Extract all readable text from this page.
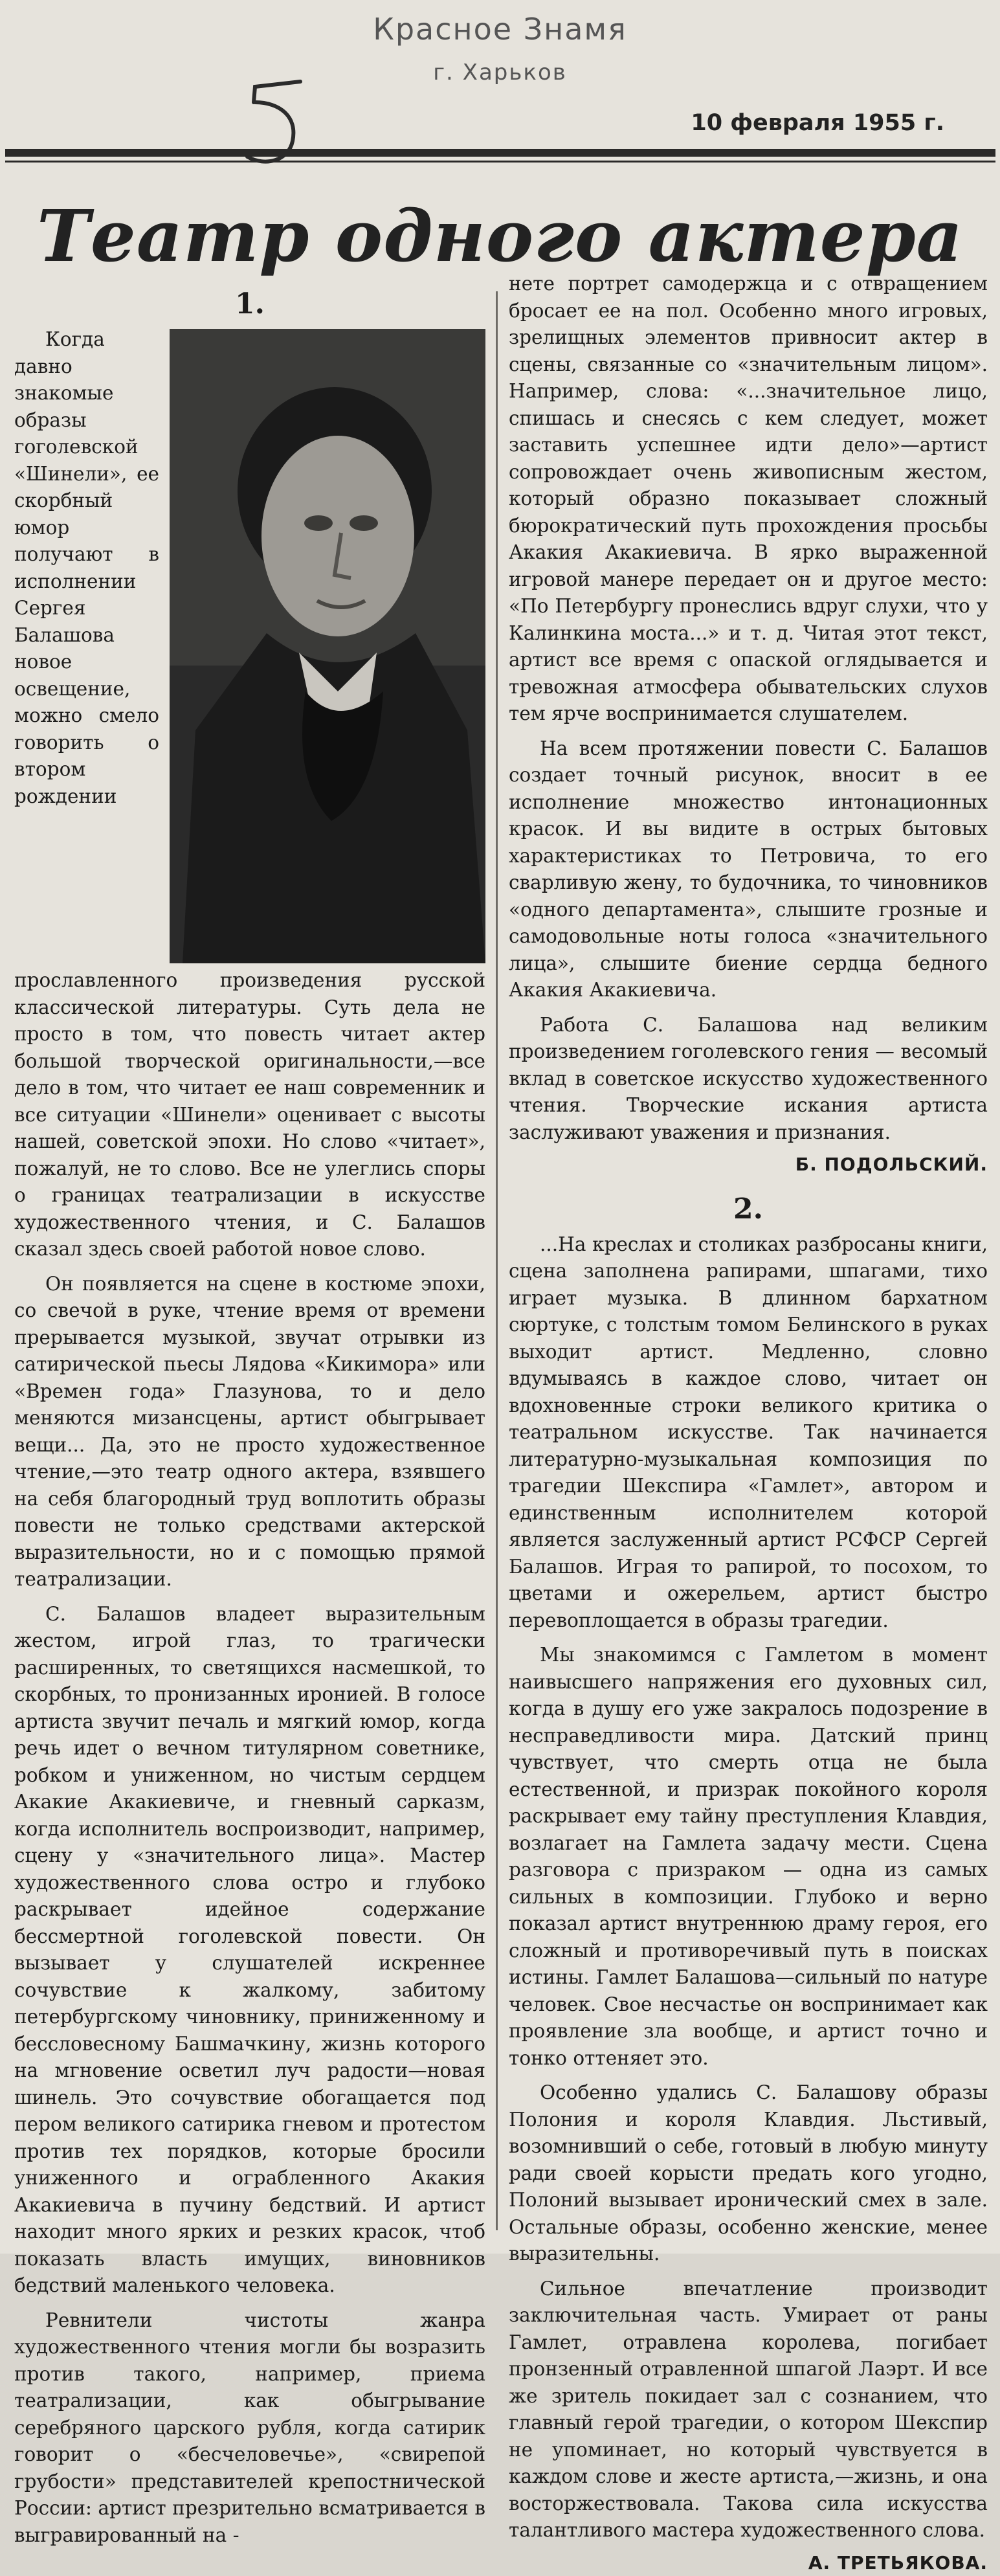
Красное Знамя
г. Харьков
10 февраля 1955 г.
Театр одного актера
1.

Когда давно знакомые образы гоголевской «Шинели», ее скорбный юмор получают в исполнении Сергея Балашова новое освещение, можно смело говорить о втором рождении прославленного произведения русской классической литературы. Суть дела не просто в том, что повесть читает актер большой творческой оригинальности,—все дело в том, что читает ее наш современник и все ситуации «Шинели» оценивает с высоты нашей, советской эпохи. Но слово «читает», пожалуй, не то слово. Все не улеглись споры о границах театрализации в искусстве художественного чтения, и С. Балашов сказал здесь своей работой новое слово.

Он появляется на сцене в костюме эпохи, со свечой в руке, чтение время от времени прерывается музыкой, звучат отрывки из сатирической пьесы Лядова «Кикимора» или «Времен года» Глазунова, то и дело меняются мизансцены, артист обыгрывает вещи... Да, это не просто художественное чтение,—это театр одного актера, взявшего на себя благородный труд воплотить образы повести не только средствами актерской выразительности, но и с помощью прямой театрализации.

С. Балашов владеет выразительным жестом, игрой глаз, то трагически расширенных, то светящихся насмешкой, то скорбных, то пронизанных иронией. В голосе артиста звучит печаль и мягкий юмор, когда речь идет о вечном титулярном советнике, робком и униженном, но чистым сердцем Акакие Акакиевиче, и гневный сарказм, когда исполнитель воспроизводит, например, сцену у «значительного лица». Мастер художественного слова остро и глубоко раскрывает идейное содержание бессмертной гоголевской повести. Он вызывает у слушателей искреннее сочувствие к жалкому, забитому петербургскому чиновнику, приниженному и бессловесному Башмачкину, жизнь которого на мгновение осветил луч радости—новая шинель. Это сочувствие обогащается под пером великого сатирика гневом и протестом против тех порядков, которые бросили униженного и ограбленного Акакия Акакиевича в пучину бедствий. И артист находит много ярких и резких красок, чтоб показать власть имущих, виновников бедствий маленького человека.

Ревнители чистоты жанра художественного чтения могли бы возразить против такого, например, приема театрализации, как обыгрывание серебряного царского рубля, когда сатирик говорит о «бесчеловечье», «свирепой грубости» представителей крепостнической России: артист презрительно всматривается в выгравированный на -

нете портрет самодержца и с отвращением бросает ее на пол. Особенно много игровых, зрелищных элементов привносит актер в сцены, связанные со «значительным лицом». Например, слова: «...значительное лицо, спишась и снесясь с кем следует, может заставить успешнее идти дело»—артист сопровождает очень живописным жестом, который образно показывает сложный бюрократический путь прохождения просьбы Акакия Акакиевича. В ярко выраженной игровой манере передает он и другое место: «По Петербургу пронеслись вдруг слухи, что у Калинкина моста...» и т. д. Читая этот текст, артист все время с опаской оглядывается и тревожная атмосфера обывательских слухов тем ярче воспринимается слушателем.

На всем протяжении повести С. Балашов создает точный рисунок, вносит в ее исполнение множество интонационных красок. И вы видите в острых бытовых характеристиках то Петровича, то его сварливую жену, то будочника, то чиновников «одного департамента», слышите грозные и самодовольные ноты голоса «значительного лица», слышите биение сердца бедного Акакия Акакиевича.

Работа С. Балашова над великим произведением гоголевского гения — весомый вклад в советское искусство художественного чтения. Творческие искания артиста заслуживают уважения и признания.

Б. ПОДОЛЬСКИЙ.
2.

...На креслах и столиках разбросаны книги, сцена заполнена рапирами, шпагами, тихо играет музыка. В длинном бархатном сюртуке, с толстым томом Белинского в руках выходит артист. Медленно, словно вдумываясь в каждое слово, читает он вдохновенные строки великого критика о театральном искусстве. Так начинается литературно-музыкальная композиция по трагедии Шекспира «Гамлет», автором и единственным исполнителем которой является заслуженный артист РСФСР Сергей Балашов. Играя то рапирой, то посохом, то цветами и ожерельем, артист быстро перевоплощается в образы трагедии.

Мы знакомимся с Гамлетом в момент наивысшего напряжения его духовных сил, когда в душу его уже закралось подозрение в несправедливости мира. Датский принц чувствует, что смерть отца не была естественной, и призрак покойного короля раскрывает ему тайну преступления Клавдия, возлагает на Гамлета задачу мести. Сцена разговора с призраком — одна из самых сильных в композиции. Глубоко и верно показал артист внутреннюю драму героя, его сложный и противоречивый путь в поисках истины. Гамлет Балашова—сильный по натуре человек. Свое несчастье он воспринимает как проявление зла вообще, и артист точно и тонко оттеняет это.

Особенно удались С. Балашову образы Полония и короля Клавдия. Льстивый, возомнивший о себе, готовый в любую минуту ради своей корысти предать кого угодно, Полоний вызывает иронический смех в зале. Остальные образы, особенно женские, менее выразительны.

Сильное впечатление производит заключительная часть. Умирает от раны Гамлет, отравлена королева, погибает пронзенный отравленной шпагой Лаэрт. И все же зритель покидает зал с сознанием, что главный герой трагедии, о котором Шекспир не упоминает, но который чувствуется в каждом слове и жесте артиста,—жизнь, и она восторжествовала. Такова сила искусства талантливого мастера художественного слова.

А. ТРЕТЬЯКОВА.
